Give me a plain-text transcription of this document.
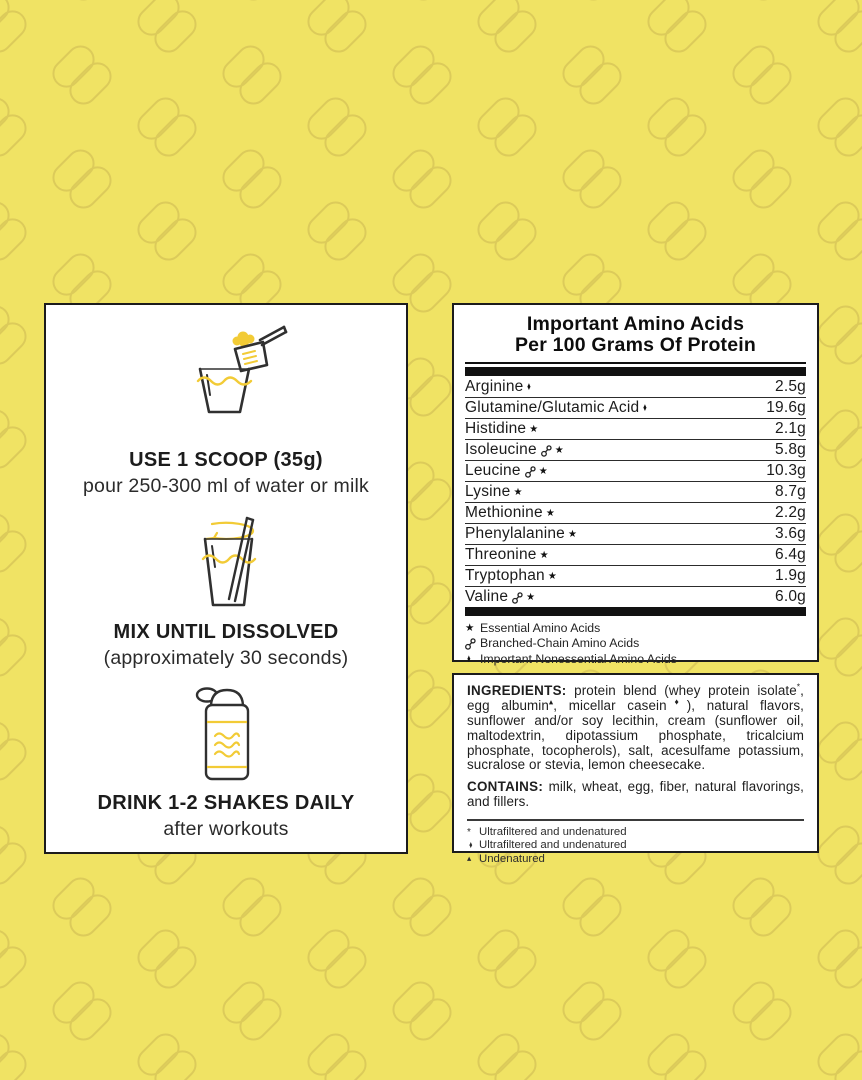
USE 1 SCOOP (35g)
pour 250-300 ml of water or milk
MIX UNTIL DISSOLVED
(approximately 30 seconds)
DRINK 1-2 SHAKES DAILY
after workouts
Important Amino Acids
Per 100 Grams Of Protein
Arginine ♦	2.5g
Glutamine/Glutamic Acid ♦	19.6g
Histidine ★	2.1g
Isoleucine ★	5.8g
Leucine ★	10.3g
Lysine ★	8.7g
Methionine ★	2.2g
Phenylalanine ★	3.6g
Threonine ★	6.4g
Tryptophan ★	1.9g
Valine ★	6.0g
★ Essential Amino Acids
Branched-Chain Amino Acids
♦ Important Nonessential Amino Acids

INGREDIENTS: protein blend (whey protein isolate*, egg albumin▴, micellar casein♦), natural flavors, sunflower and/or soy lecithin, cream (sunflower oil, maltodextrin, dipotassium phosphate, tricalcium phosphate, tocopherols), salt, acesulfame potassium, sucralose or stevia, lemon cheesecake.

CONTAINS: milk, wheat, egg, fiber, natural flavorings, and fillers.

* Ultrafiltered and undenatured
♦ Ultrafiltered and undenatured
▴ Undenatured
